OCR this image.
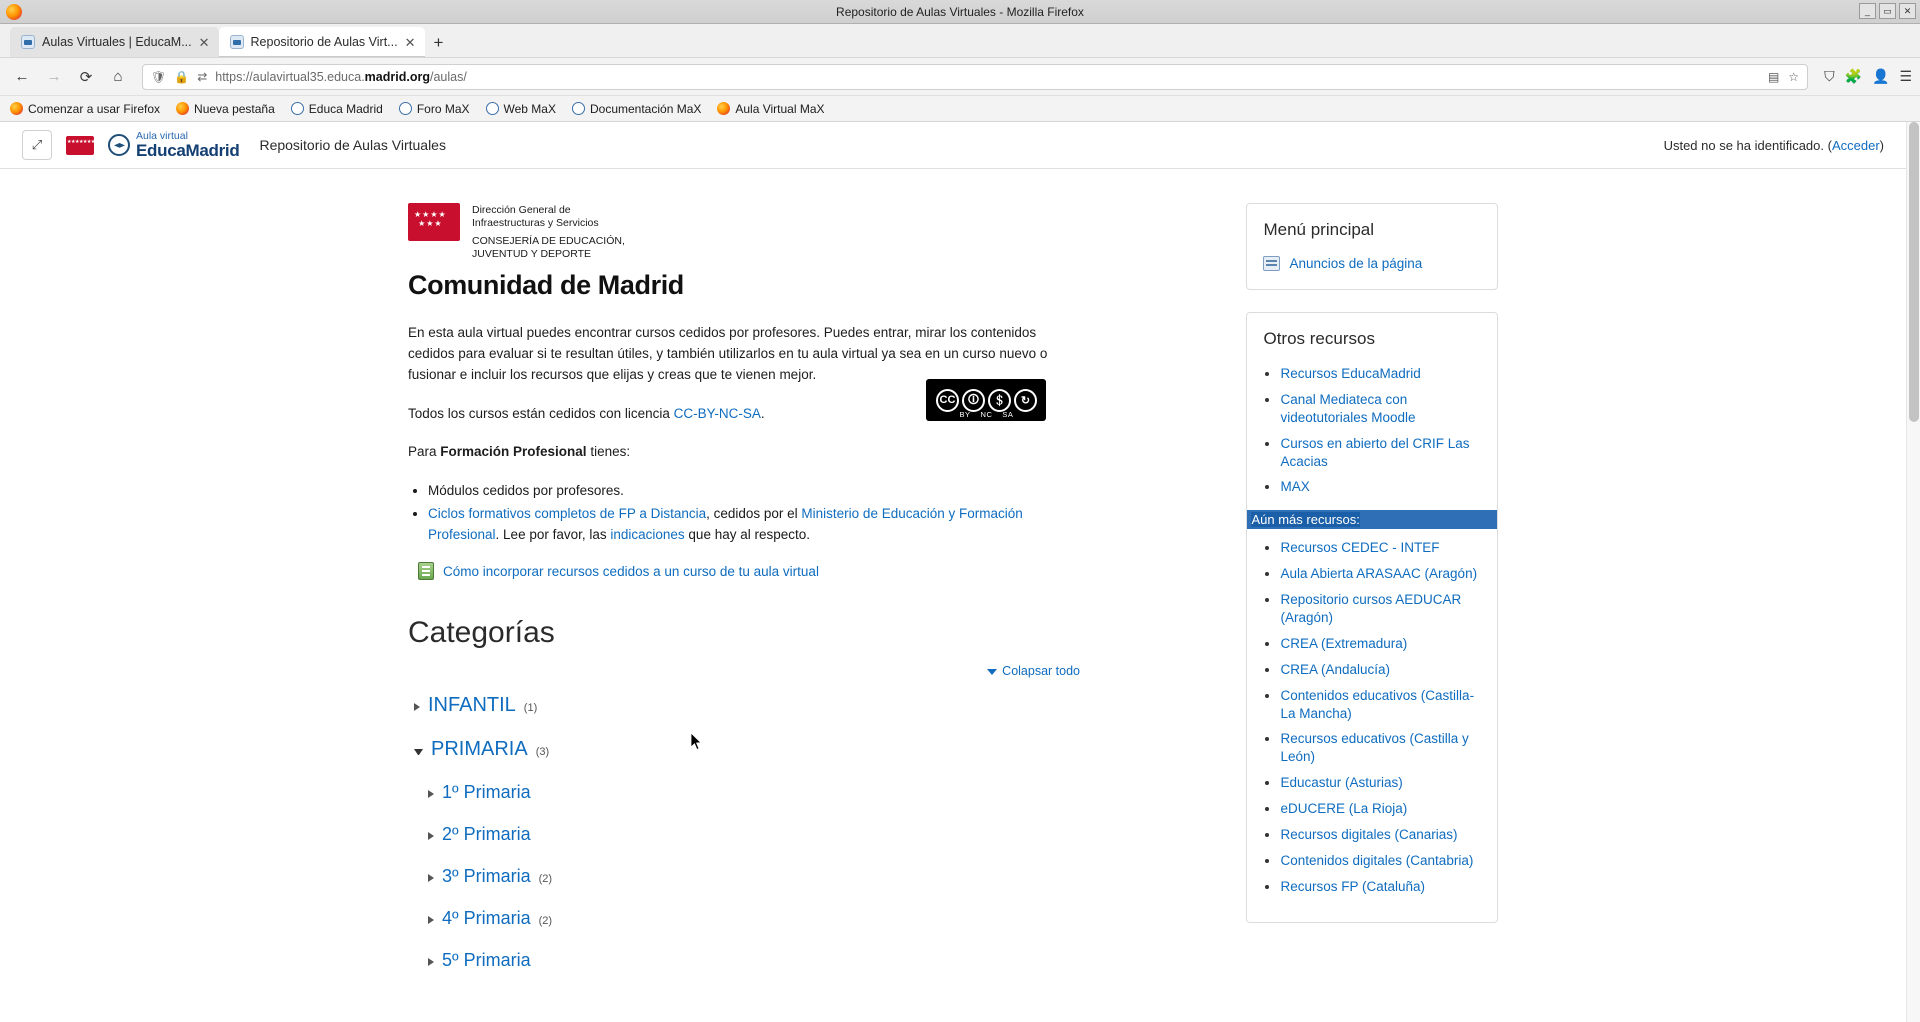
Repositorio de Aulas Virtuales - Mozilla Firefox	_	▭	✕
Aulas Virtuales | EducaM... ✕	Repositorio de Aulas Virt... ✕	+
←	→	⟳	⌂	🛡 🔒 ⇄ https://aulavirtual35.educa.madrid.org/aulas/	▤ ☆ ⛉ 🧩 👤 ☰
Comenzar a usar Firefox	Nueva pestaña	Educa Madrid	Foro MaX	Web MaX	Documentación MaX	Aula Virtual MaX
⤢
★★★★★★★
Aula virtual
EducaMadrid Repositorio de Aulas Virtuales	Usted no se ha identificado. (Acceder)
★★★★ ★★★
Dirección General de
Infraestructuras y Servicios
CONSEJERÍA DE EDUCACIÓN,
JUVENTUD Y DEPORTE
Comunidad de Madrid
En esta aula virtual puedes encontrar cursos cedidos por profesores. Puedes entrar, mirar los contenidos cedidos para evaluar si te resultan útiles, y también utilizarlos en tu aula virtual ya sea en un curso nuevo o fusionar e incluir los recursos que elijas y creas que te vienen mejor.
Todos los cursos están cedidos con licencia CC-BY-NC-SA.
Para Formación Profesional tienes:
CC	🛈	＄	↻
BY NC SA
• Módulos cedidos por profesores.
• Ciclos formativos completos de FP a Distancia, cedidos por el Ministerio de Educación y Formación Profesional. Lee por favor, las indicaciones que hay al respecto.
Cómo incorporar recursos cedidos a un curso de tu aula virtual
Categorías
Colapsar todo
INFANTIL (1)
PRIMARIA (3)
1º Primaria
2º Primaria
3º Primaria (2)
4º Primaria (2)
5º Primaria
Menú principal
Anuncios de la página
Otros recursos
• Recursos EducaMadrid
• Canal Mediateca con videotutoriales Moodle
• Cursos en abierto del CRIF Las Acacias
• MAX
Aún más recursos:
• Recursos CEDEC - INTEF
• Aula Abierta ARASAAC (Aragón)
• Repositorio cursos AEDUCAR (Aragón)
• CREA (Extremadura)
• CREA (Andalucía)
• Contenidos educativos (Castilla-La Mancha)
• Recursos educativos (Castilla y León)
• Educastur (Asturias)
• eDUCERE (La Rioja)
• Recursos digitales (Canarias)
• Contenidos digitales (Cantabria)
• Recursos FP (Cataluña)
